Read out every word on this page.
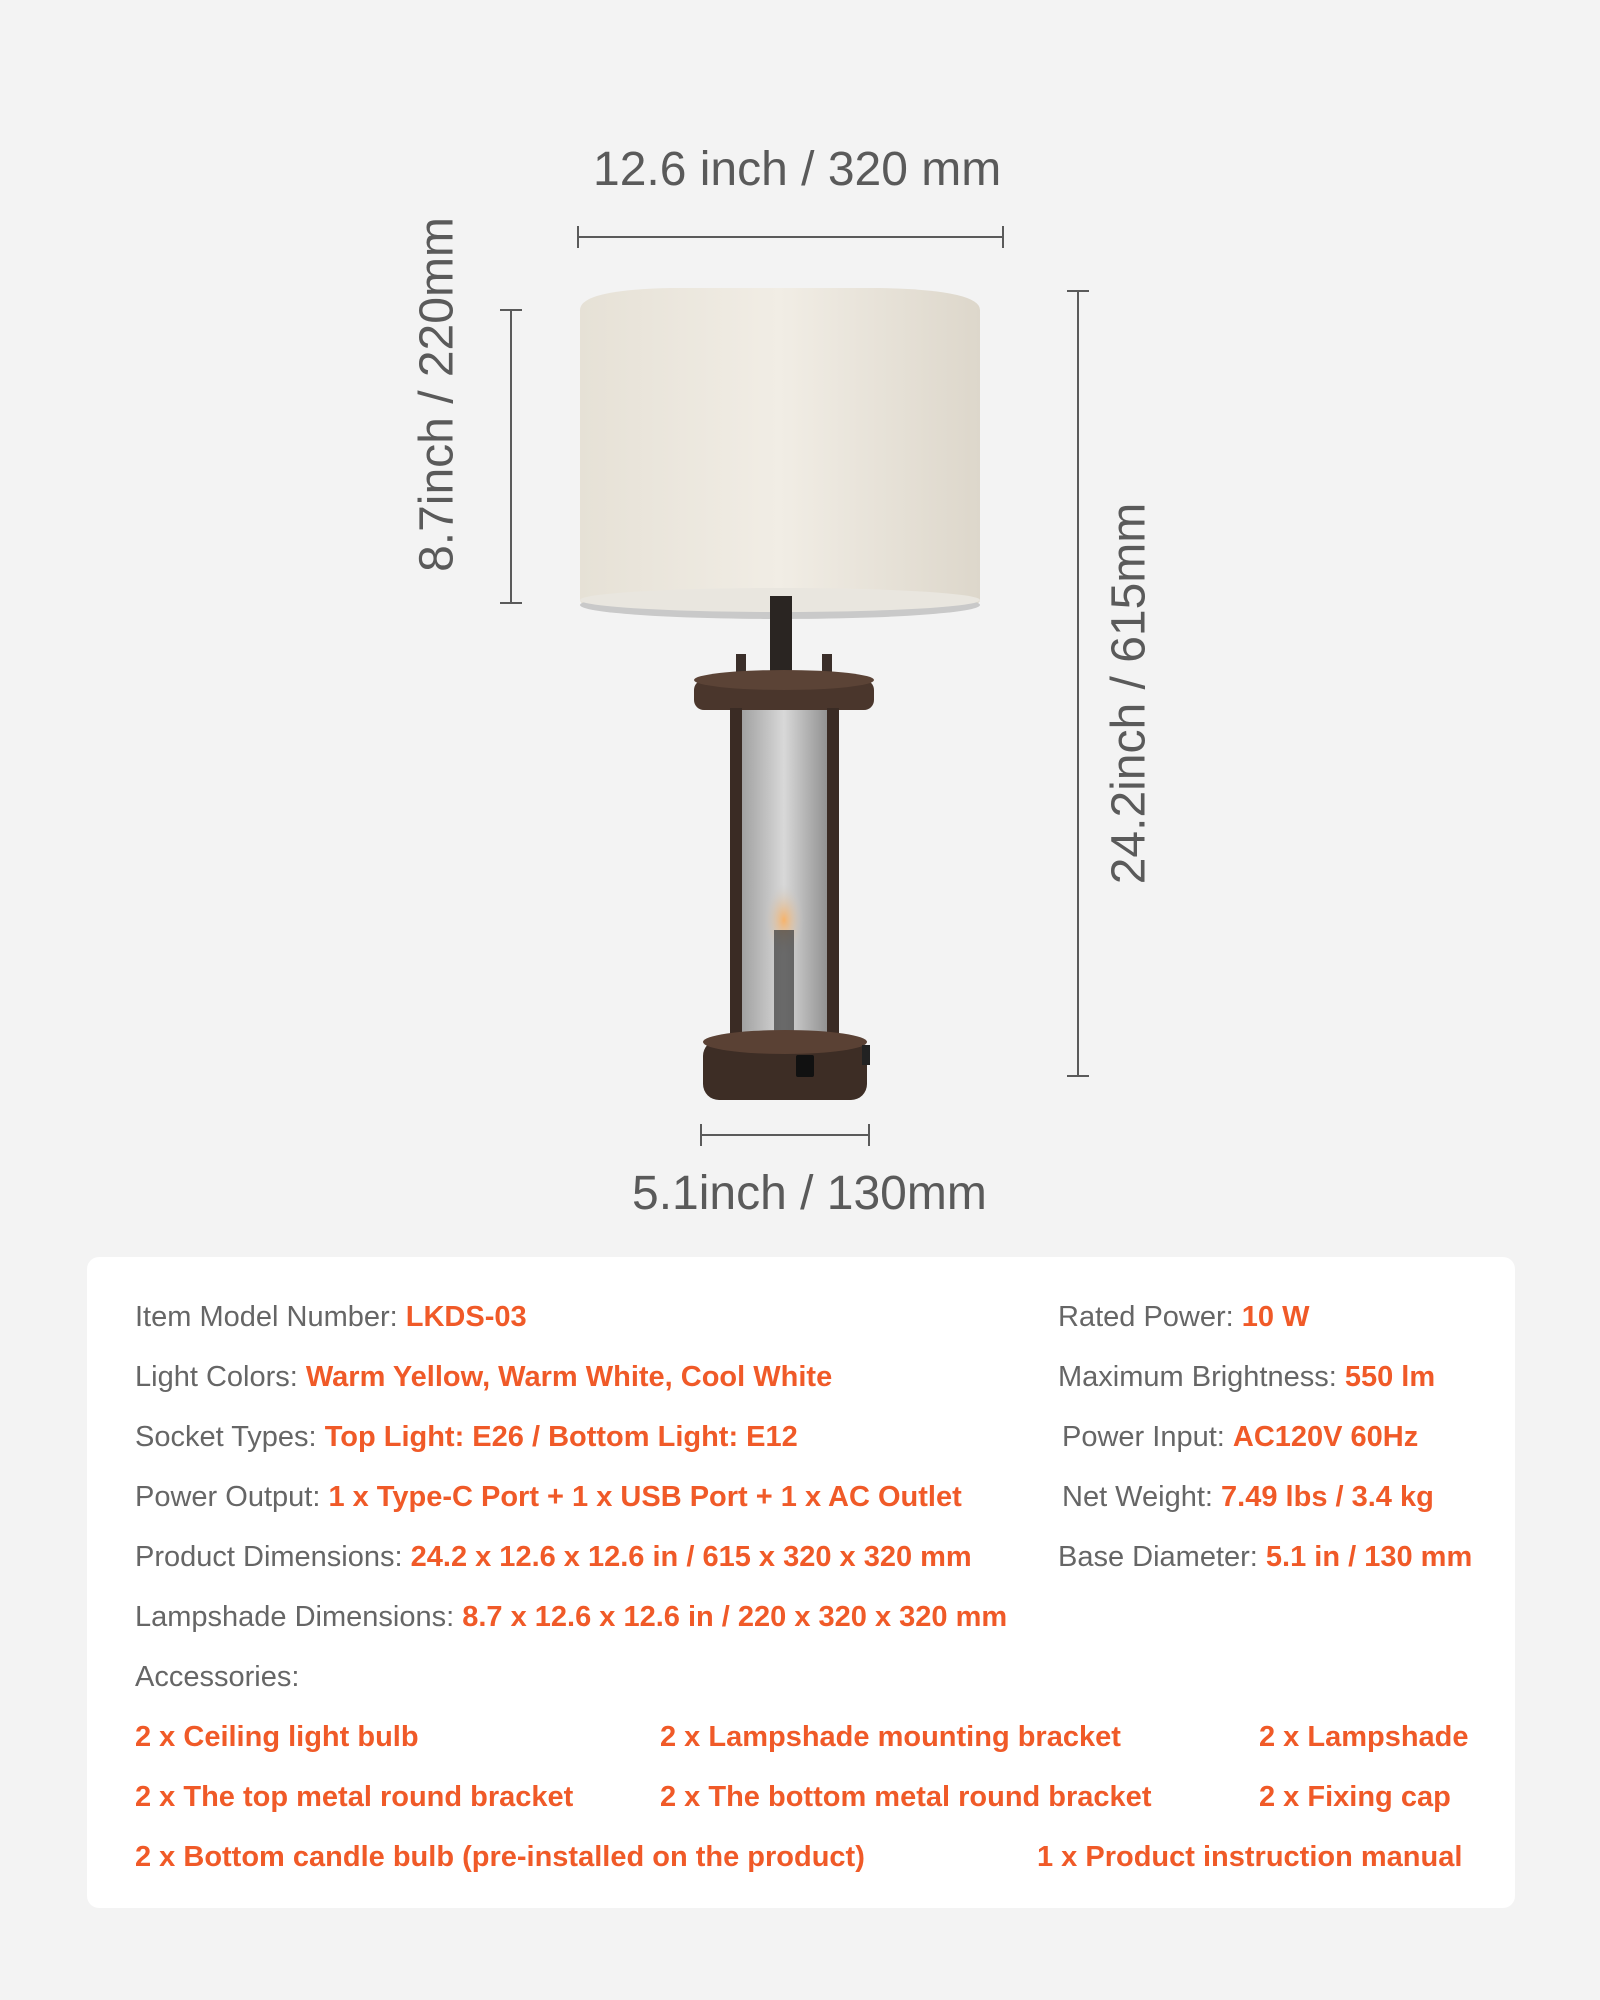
12.6 inch / 320 mm
8.7inch / 220mm
24.2inch / 615mm
5.1inch / 130mm
Item Model Number: LKDS-03
Light Colors: Warm Yellow, Warm White, Cool White
Socket Types: Top Light: E26 / Bottom Light: E12
Power Output: 1 x Type-C Port + 1 x USB Port + 1 x AC Outlet
Product Dimensions: 24.2 x 12.6 x 12.6 in / 615 x 320 x 320 mm
Lampshade Dimensions: 8.7 x 12.6 x 12.6 in / 220 x 320 x 320 mm
Rated Power: 10 W
Maximum Brightness: 550 lm
Power Input: AC120V 60Hz
Net Weight: 7.49 lbs / 3.4 kg
Base Diameter: 5.1 in / 130 mm
Accessories:
2 x Ceiling light bulb	2 x Lampshade mounting bracket	2 x Lampshade
2 x The top metal round bracket	2 x The bottom metal round bracket	2 x Fixing cap
2 x Bottom candle bulb (pre-installed on the product)	1 x Product instruction manual
